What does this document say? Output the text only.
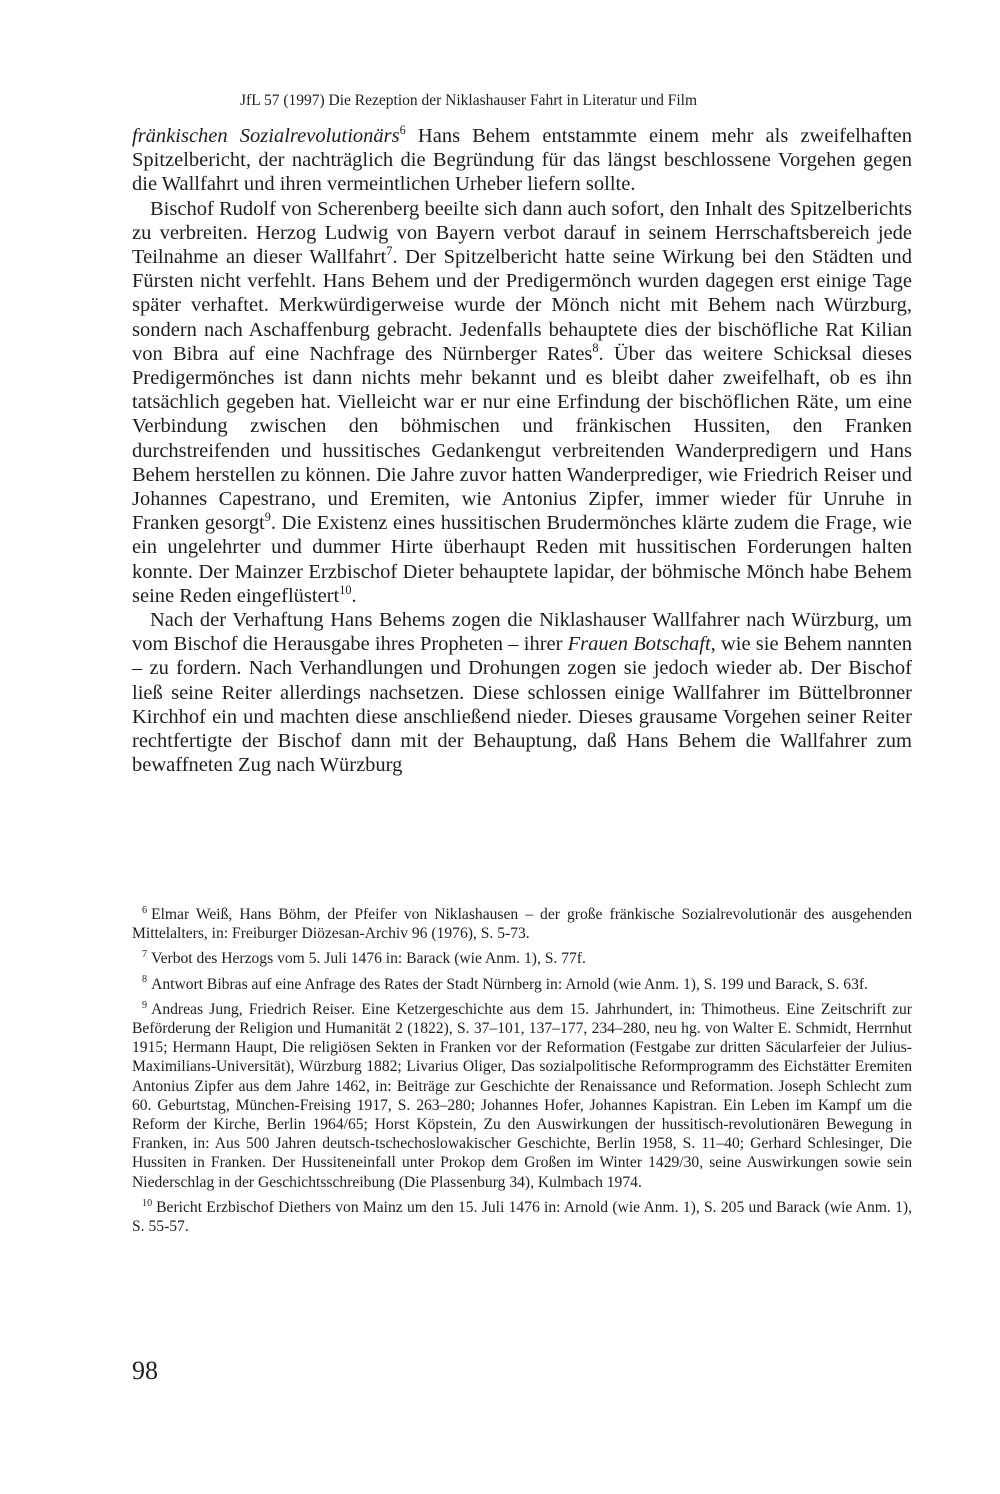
JfL 57 (1997) Die Rezeption der Niklashauser Fahrt in Literatur und Film

fränkischen Sozialrevolutionärs$^6$ Hans Behem entstammte einem mehr als zweifelhaften Spitzelbericht, der nachträglich die Begründung für das längst beschlossene Vorgehen gegen die Wallfahrt und ihren vermeintlichen Urheber liefern sollte.

Bischof Rudolf von Scherenberg beeilte sich dann auch sofort, den Inhalt des Spitzelberichts zu verbreiten. Herzog Ludwig von Bayern verbot darauf in seinem Herrschaftsbereich jede Teilnahme an dieser Wallfahrt$^7$. Der Spitzelbericht hatte seine Wirkung bei den Städten und Fürsten nicht verfehlt. Hans Behem und der Predigermönch wurden dagegen erst einige Tage später verhaftet. Merkwürdigerweise wurde der Mönch nicht mit Behem nach Würzburg, sondern nach Aschaffenburg gebracht. Jedenfalls behauptete dies der bischöfliche Rat Kilian von Bibra auf eine Nachfrage des Nürnberger Rates$^8$. Über das weitere Schicksal dieses Predigermönches ist dann nichts mehr bekannt und es bleibt daher zweifelhaft, ob es ihn tatsächlich gegeben hat. Vielleicht war er nur eine Erfindung der bischöflichen Räte, um eine Verbindung zwischen den böhmischen und fränkischen Hussiten, den Franken durchstreifenden und hussitisches Gedankengut verbreitenden Wanderpredigern und Hans Behem herstellen zu können. Die Jahre zuvor hatten Wanderprediger, wie Friedrich Reiser und Johannes Capestrano, und Eremiten, wie Antonius Zipfer, immer wieder für Unruhe in Franken gesorgt$^9$. Die Existenz eines hussitischen Brudermönches klärte zudem die Frage, wie ein ungelehrter und dummer Hirte überhaupt Reden mit hussitischen Forderungen halten konnte. Der Mainzer Erzbischof Dieter behauptete lapidar, der böhmische Mönch habe Behem seine Reden eingeflüstert$^{10}$.

Nach der Verhaftung Hans Behems zogen die Niklashauser Wallfahrer nach Würzburg, um vom Bischof die Herausgabe ihres Propheten – ihrer Frauen Botschaft, wie sie Behem nannten – zu fordern. Nach Verhandlungen und Drohungen zogen sie jedoch wieder ab. Der Bischof ließ seine Reiter allerdings nachsetzen. Diese schlossen einige Wallfahrer im Büttelbronner Kirchhof ein und machten diese anschließend nieder. Dieses grausame Vorgehen seiner Reiter rechtfertigte der Bischof dann mit der Behauptung, daß Hans Behem die Wallfahrer zum bewaffneten Zug nach Würzburg

$^6$ Elmar Weiß, Hans Böhm, der Pfeifer von Niklashausen – der große fränkische Sozialrevolutionär des ausgehenden Mittelalters, in: Freiburger Diözesan-Archiv 96 (1976), S. 5-73.

$^7$ Verbot des Herzogs vom 5. Juli 1476 in: Barack (wie Anm. 1), S. 77f.

$^8$ Antwort Bibras auf eine Anfrage des Rates der Stadt Nürnberg in: Arnold (wie Anm. 1), S. 199 und Barack, S. 63f.

$^9$ Andreas Jung, Friedrich Reiser. Eine Ketzergeschichte aus dem 15. Jahrhundert, in: Thimotheus. Eine Zeitschrift zur Beförderung der Religion und Humanität 2 (1822), S. 37–101, 137–177, 234–280, neu hg. von Walter E. Schmidt, Herrnhut 1915; Hermann Haupt, Die religiösen Sekten in Franken vor der Reformation (Festgabe zur dritten Säcularfeier der Julius-Maximilians-Universität), Würzburg 1882; Livarius Oliger, Das sozialpolitische Reformprogramm des Eichstätter Eremiten Antonius Zipfer aus dem Jahre 1462, in: Beiträge zur Geschichte der Renaissance und Reformation. Joseph Schlecht zum 60. Geburtstag, München-Freising 1917, S. 263–280; Johannes Hofer, Johannes Kapistran. Ein Leben im Kampf um die Reform der Kirche, Berlin 1964/65; Horst Köpstein, Zu den Auswirkungen der hussitisch-revolutionären Bewegung in Franken, in: Aus 500 Jahren deutsch-tschechoslowakischer Geschichte, Berlin 1958, S. 11–40; Gerhard Schlesinger, Die Hussiten in Franken. Der Hussiteneinfall unter Prokop dem Großen im Winter 1429/30, seine Auswirkungen sowie sein Niederschlag in der Geschichtsschreibung (Die Plassenburg 34), Kulmbach 1974.

$^{10}$ Bericht Erzbischof Diethers von Mainz um den 15. Juli 1476 in: Arnold (wie Anm. 1), S. 205 und Barack (wie Anm. 1), S. 55-57.

98
